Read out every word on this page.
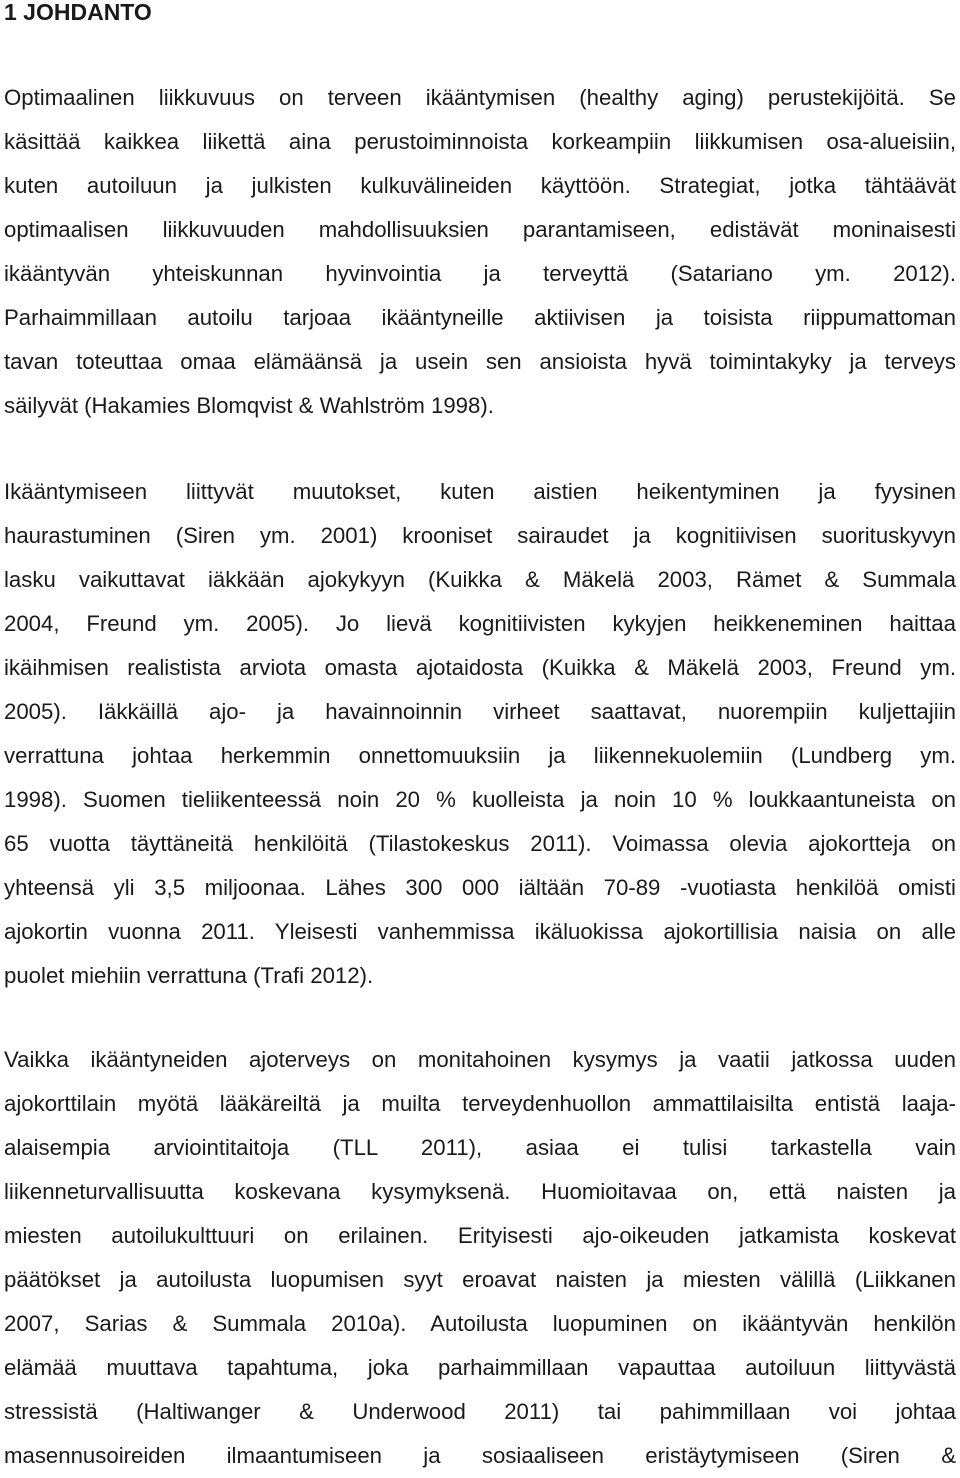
1 JOHDANTO
Optimaalinen liikkuvuus on terveen ikääntymisen (healthy aging) perustekijöitä. Se
käsittää kaikkea liikettä aina perustoiminnoista korkeampiin liikkumisen osa-alueisiin,
kuten autoiluun ja julkisten kulkuvälineiden käyttöön. Strategiat, jotka tähtäävät
optimaalisen liikkuvuuden mahdollisuuksien parantamiseen, edistävät moninaisesti
ikääntyvän yhteiskunnan hyvinvointia ja terveyttä (Satariano ym. 2012).
Parhaimmillaan autoilu tarjoaa ikääntyneille aktiivisen ja toisista riippumattoman
tavan toteuttaa omaa elämäänsä ja usein sen ansioista hyvä toimintakyky ja terveys
säilyvät (Hakamies Blomqvist & Wahlström 1998).
Ikääntymiseen liittyvät muutokset, kuten aistien heikentyminen ja fyysinen
haurastuminen (Siren ym. 2001) krooniset sairaudet ja kognitiivisen suorituskyvyn
lasku vaikuttavat iäkkään ajokykyyn (Kuikka & Mäkelä 2003, Rämet & Summala
2004, Freund ym. 2005). Jo lievä kognitiivisten kykyjen heikkeneminen haittaa
ikäihmisen realistista arviota omasta ajotaidosta (Kuikka & Mäkelä 2003, Freund ym.
2005). Iäkkäillä ajo- ja havainnoinnin virheet saattavat, nuorempiin kuljettajiin
verrattuna johtaa herkemmin onnettomuuksiin ja liikennekuolemiin (Lundberg ym.
1998). Suomen tieliikenteessä noin 20 % kuolleista ja noin 10 % loukkaantuneista on
65 vuotta täyttäneitä henkilöitä (Tilastokeskus 2011). Voimassa olevia ajokortteja on
yhteensä yli 3,5 miljoonaa. Lähes 300 000 iältään 70-89 -vuotiasta henkilöä omisti
ajokortin vuonna 2011. Yleisesti vanhemmissa ikäluokissa ajokortillisia naisia on alle
puolet miehiin verrattuna (Trafi 2012).
Vaikka ikääntyneiden ajoterveys on monitahoinen kysymys ja vaatii jatkossa uuden
ajokorttilain myötä lääkäreiltä ja muilta terveydenhuollon ammattilaisilta entistä laaja-
alaisempia arviointitaitoja (TLL 2011), asiaa ei tulisi tarkastella vain
liikenneturvallisuutta koskevana kysymyksenä. Huomioitavaa on, että naisten ja
miesten autoilukulttuuri on erilainen. Erityisesti ajo-oikeuden jatkamista koskevat
päätökset ja autoilusta luopumisen syyt eroavat naisten ja miesten välillä (Liikkanen
2007, Sarias & Summala 2010a). Autoilusta luopuminen on ikääntyvän henkilön
elämää muuttava tapahtuma, joka parhaimmillaan vapauttaa autoiluun liittyvästä
stressistä (Haltiwanger & Underwood 2011) tai pahimmillaan voi johtaa
masennusoireiden ilmaantumiseen ja sosiaaliseen eristäytymiseen (Siren &
